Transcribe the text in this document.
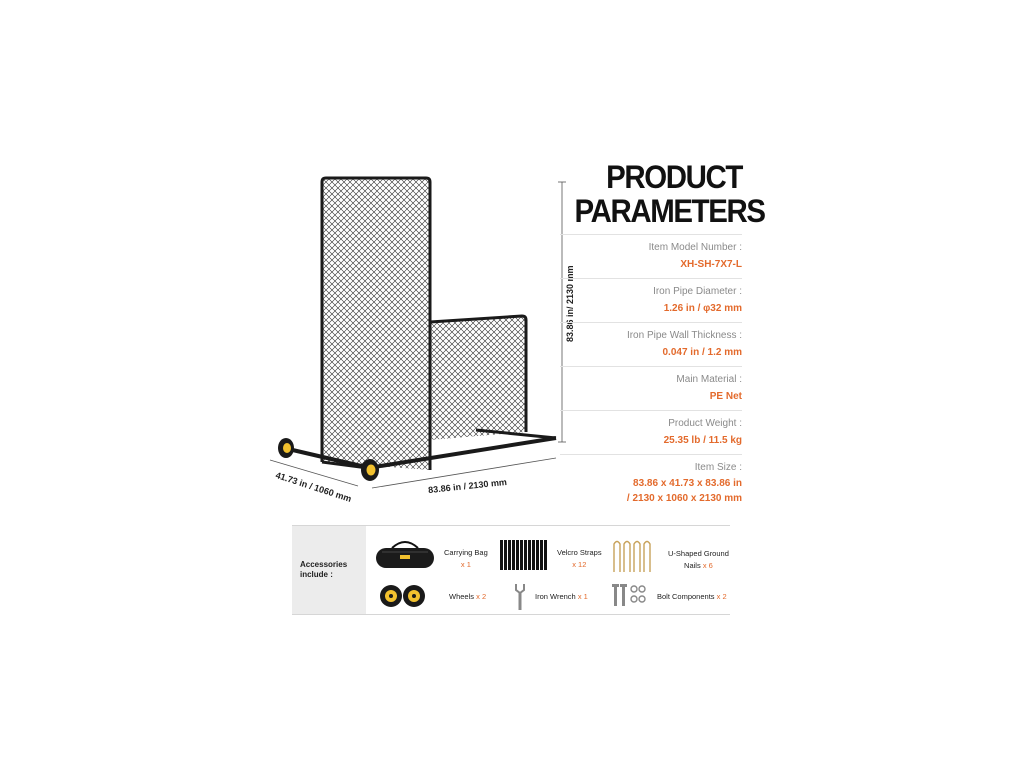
83.86 in/ 2130 mm
83.86 in / 2130 mm
41.73 in / 1060 mm
PRODUCT
PARAMETERS
Item Model Number :
XH-SH-7X7-L
Iron Pipe Diameter :
1.26 in / φ32 mm
Iron Pipe Wall Thickness :
0.047 in / 1.2 mm
Main Material :
PE Net
Product Weight :
25.35 lb / 11.5 kg
Item Size :
83.86 x 41.73 x 83.86 in
/ 2130 x 1060 x 2130 mm
Accessories
include :
Carrying Bag
x 1
Velcro Straps
x 12
U-Shaped Ground
Nails x 6
Wheels x 2	Iron Wrench x 1	Bolt Components x 2
